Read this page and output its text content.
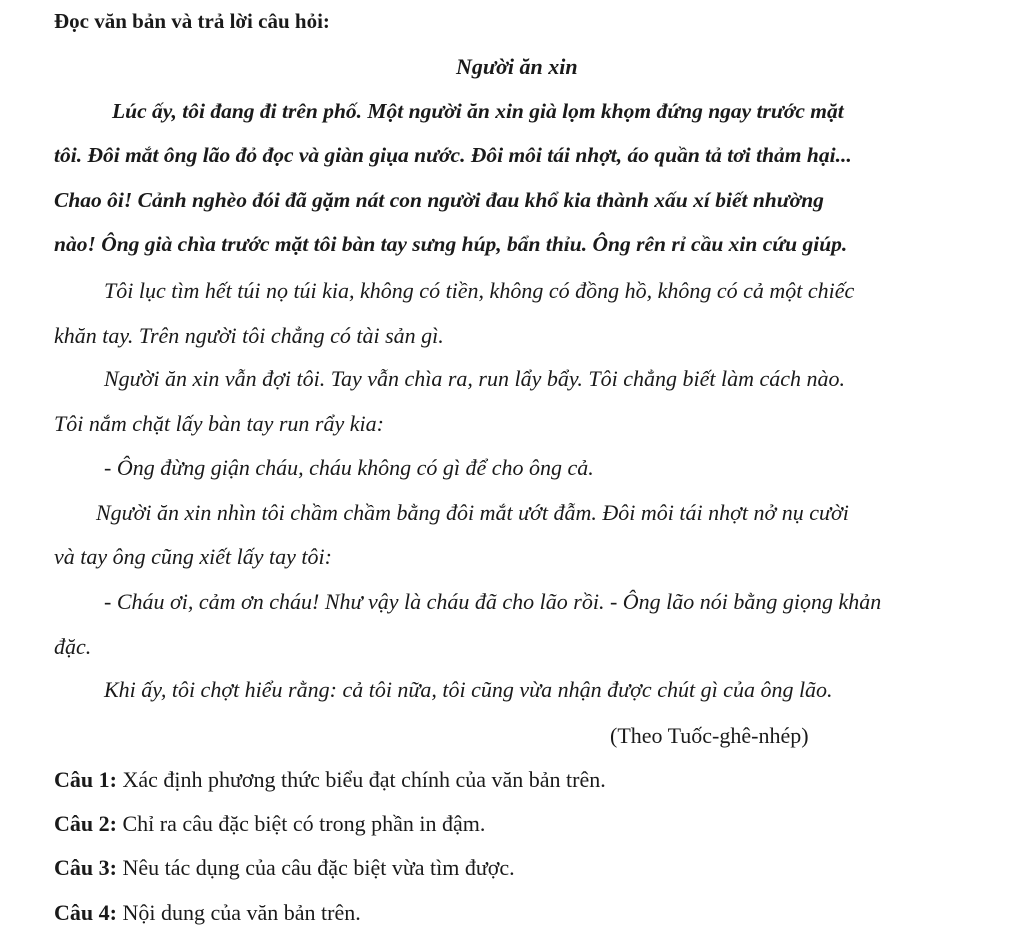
Đọc văn bản và trả lời câu hỏi:
Người ăn xin
Lúc ấy, tôi đang đi trên phố. Một người ăn xin già lọm khọm đứng ngay trước mặt
tôi. Đôi mắt ông lão đỏ đọc và giàn giụa nước. Đôi môi tái nhợt, áo quần tả tơi thảm hại...
Chao ôi! Cảnh nghèo đói đã gặm nát con người đau khổ kia thành xấu xí biết nhường
nào! Ông già chìa trước mặt tôi bàn tay sưng húp, bẩn thỉu. Ông rên rỉ cầu xin cứu giúp.
Tôi lục tìm hết túi nọ túi kia, không có tiền, không có đồng hồ, không có cả một chiếc
khăn tay. Trên người tôi chẳng có tài sản gì.
Người ăn xin vẫn đợi tôi. Tay vẫn chìa ra, run lẩy bẩy. Tôi chẳng biết làm cách nào.
Tôi nắm chặt lấy bàn tay run rẩy kia:
- Ông đừng giận cháu, cháu không có gì để cho ông cả.
Người ăn xin nhìn tôi chầm chầm bằng đôi mắt ướt đẫm. Đôi môi tái nhợt nở nụ cười
và tay ông cũng xiết lấy tay tôi:
- Cháu ơi, cảm ơn cháu! Như vậy là cháu đã cho lão rồi. - Ông lão nói bằng giọng khản
đặc.
Khi ấy, tôi chợt hiểu rằng: cả tôi nữa, tôi cũng vừa nhận được chút gì của ông lão.
(Theo Tuốc-ghê-nhép)
Câu 1: Xác định phương thức biểu đạt chính của văn bản trên.
Câu 2: Chỉ ra câu đặc biệt có trong phần in đậm.
Câu 3: Nêu tác dụng của câu đặc biệt vừa tìm được.
Câu 4: Nội dung của văn bản trên.
